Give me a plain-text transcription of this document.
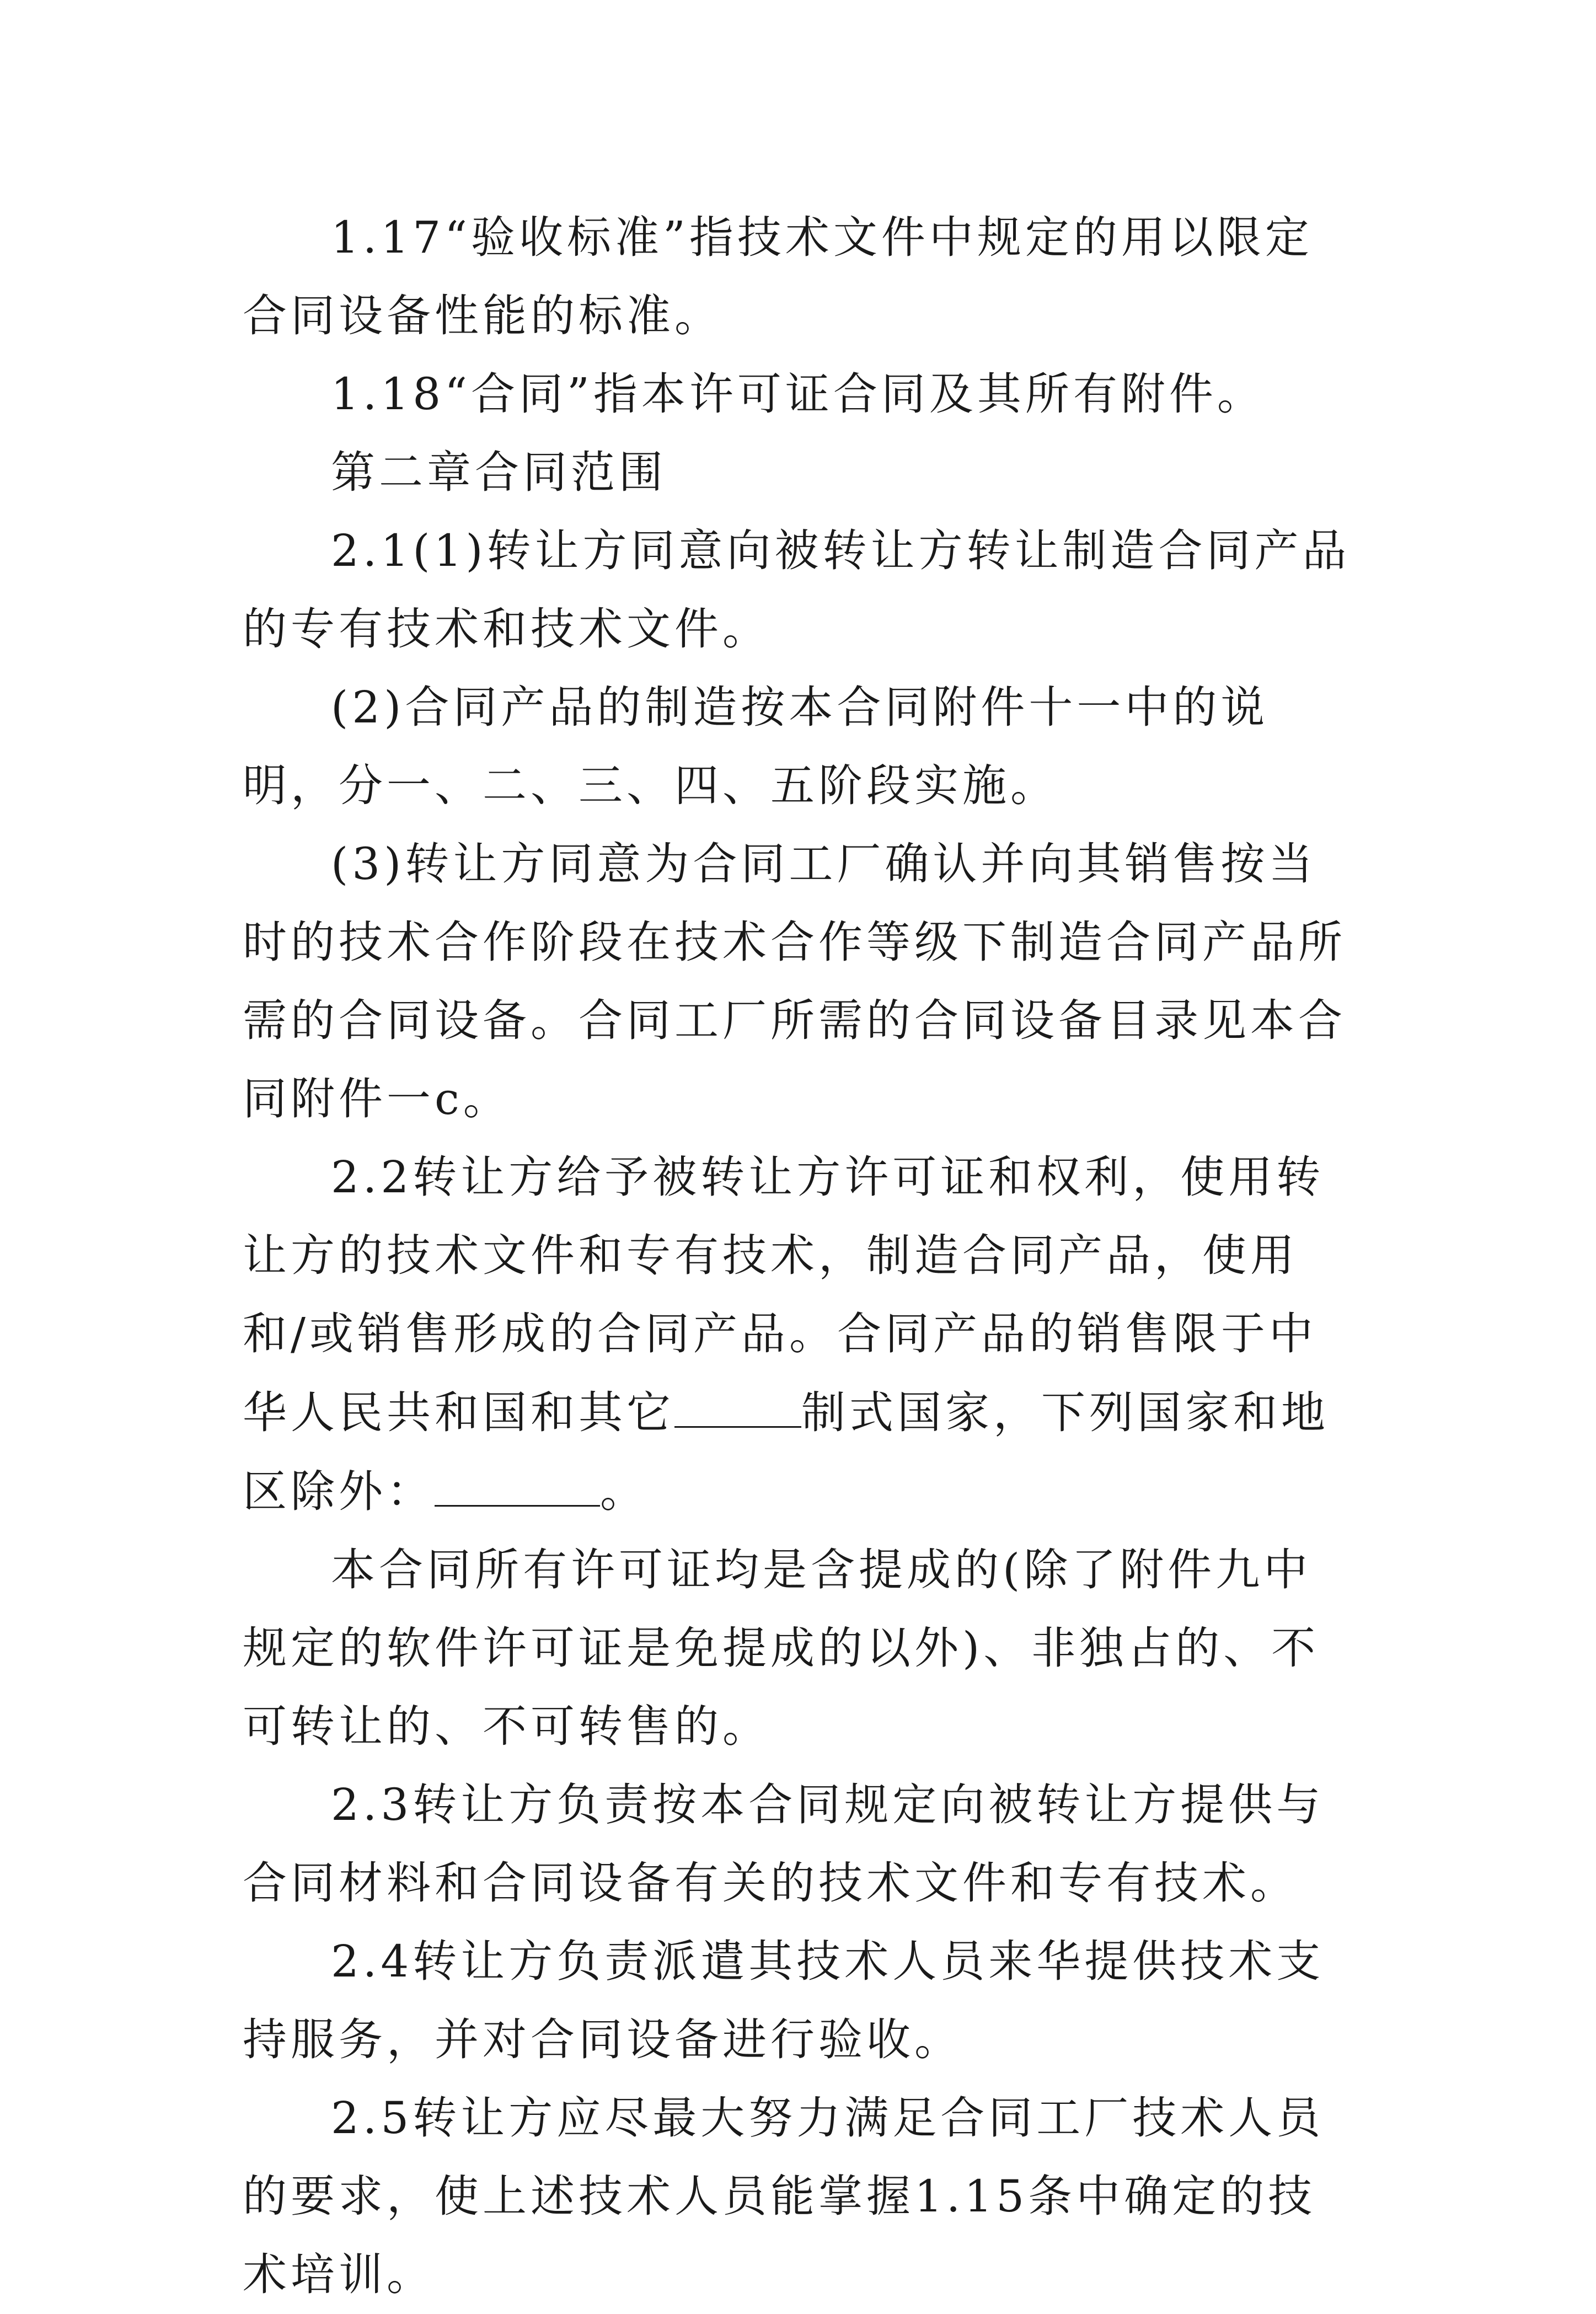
1.17“验收标准”指技术文件中规定的用以限定合同设备性能的标准。

1.18“合同”指本许可证合同及其所有附件。

第二章合同范围

2.1(1)转让方同意向被转让方转让制造合同产品的专有技术和技术文件。

(2)合同产品的制造按本合同附件十一中的说明，分一、二、三、四、五阶段实施。

(3)转让方同意为合同工厂确认并向其销售按当时的技术合作阶段在技术合作等级下制造合同产品所需的合同设备。合同工厂所需的合同设备目录见本合同附件一c。

2.2转让方给予被转让方许可证和权利，使用转让方的技术文件和专有技术，制造合同产品，使用和/或销售形成的合同产品。合同产品的销售限于中华人民共和国和其它	制式国家，下列国家和地区除外：	。

本合同所有许可证均是含提成的(除了附件九中规定的软件许可证是免提成的以外)、非独占的、不可转让的、不可转售的。

2.3转让方负责按本合同规定向被转让方提供与合同材料和合同设备有关的技术文件和专有技术。

2.4转让方负责派遣其技术人员来华提供技术支持服务，并对合同设备进行验收。

2.5转让方应尽最大努力满足合同工厂技术人员的要求，使上述技术人员能掌握1.15条中确定的技术培训。
